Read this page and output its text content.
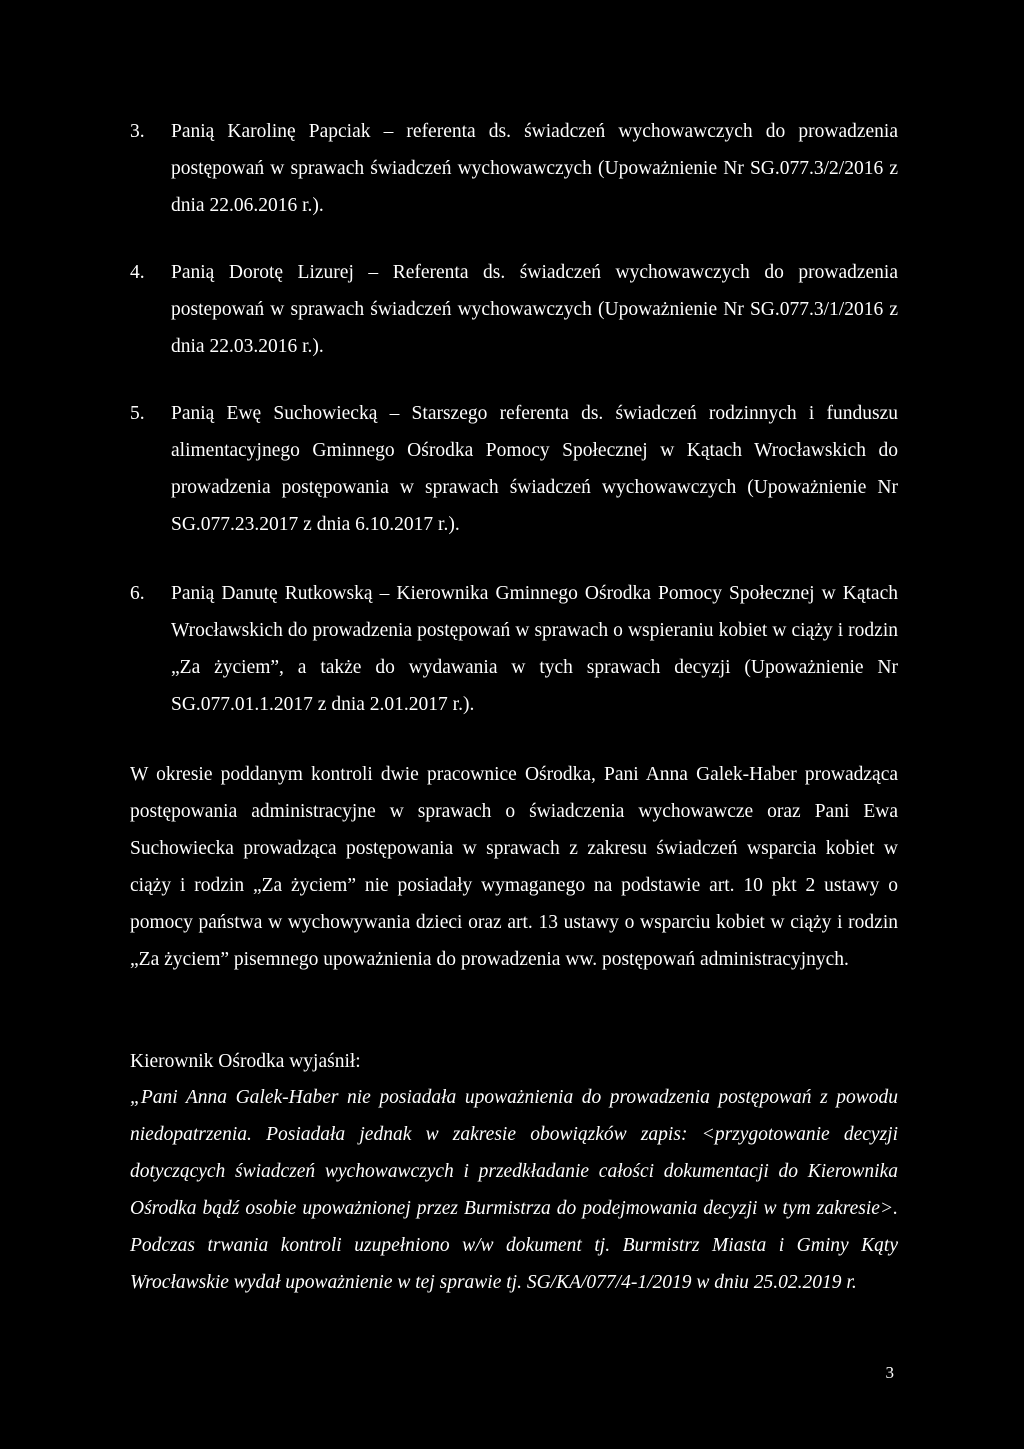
3. Panią Karolinę Papciak – referenta ds. świadczeń wychowawczych do prowadzenia postępowań w sprawach świadczeń wychowawczych (Upoważnienie Nr SG.077.3/2/2016 z dnia 22.06.2016 r.).
4. Panią Dorotę Lizurej – Referenta ds. świadczeń wychowawczych do prowadzenia postepowań w sprawach świadczeń wychowawczych (Upoważnienie Nr SG.077.3/1/2016 z dnia 22.03.2016 r.).
5. Panią Ewę Suchowiecką – Starszego referenta ds. świadczeń rodzinnych i funduszu alimentacyjnego Gminnego Ośrodka Pomocy Społecznej w Kątach Wrocławskich do prowadzenia postępowania w sprawach świadczeń wychowawczych (Upoważnienie Nr SG.077.23.2017 z dnia 6.10.2017 r.).
6. Panią Danutę Rutkowską – Kierownika Gminnego Ośrodka Pomocy Społecznej w Kątach Wrocławskich do prowadzenia postępowań w sprawach o wspieraniu kobiet w ciąży i rodzin „Za życiem”, a także do wydawania w tych sprawach decyzji (Upoważnienie Nr SG.077.01.1.2017 z dnia 2.01.2017 r.).
W okresie poddanym kontroli dwie pracownice Ośrodka, Pani Anna Galek-Haber prowadząca postępowania administracyjne w sprawach o świadczenia wychowawcze oraz Pani Ewa Suchowiecka prowadząca postępowania w sprawach z zakresu świadczeń wsparcia kobiet w ciąży i rodzin „Za życiem” nie posiadały wymaganego na podstawie art. 10 pkt 2 ustawy o pomocy państwa w wychowywania dzieci oraz art. 13 ustawy o wsparciu kobiet w ciąży i rodzin „Za życiem” pisemnego upoważnienia do prowadzenia ww. postępowań administracyjnych.
Kierownik Ośrodka wyjaśnił:
„Pani Anna Galek-Haber nie posiadała upoważnienia do prowadzenia postępowań z powodu niedopatrzenia. Posiadała jednak w zakresie obowiązków zapis: <przygotowanie decyzji dotyczących świadczeń wychowawczych i przedkładanie całości dokumentacji do Kierownika Ośrodka bądź osobie upoważnionej przez Burmistrza do podejmowania decyzji w tym zakresie>. Podczas trwania kontroli uzupełniono w/w dokument tj. Burmistrz Miasta i Gminy Kąty Wrocławskie wydał upoważnienie w tej sprawie tj. SG/KA/077/4-1/2019 w dniu 25.02.2019 r.
3
